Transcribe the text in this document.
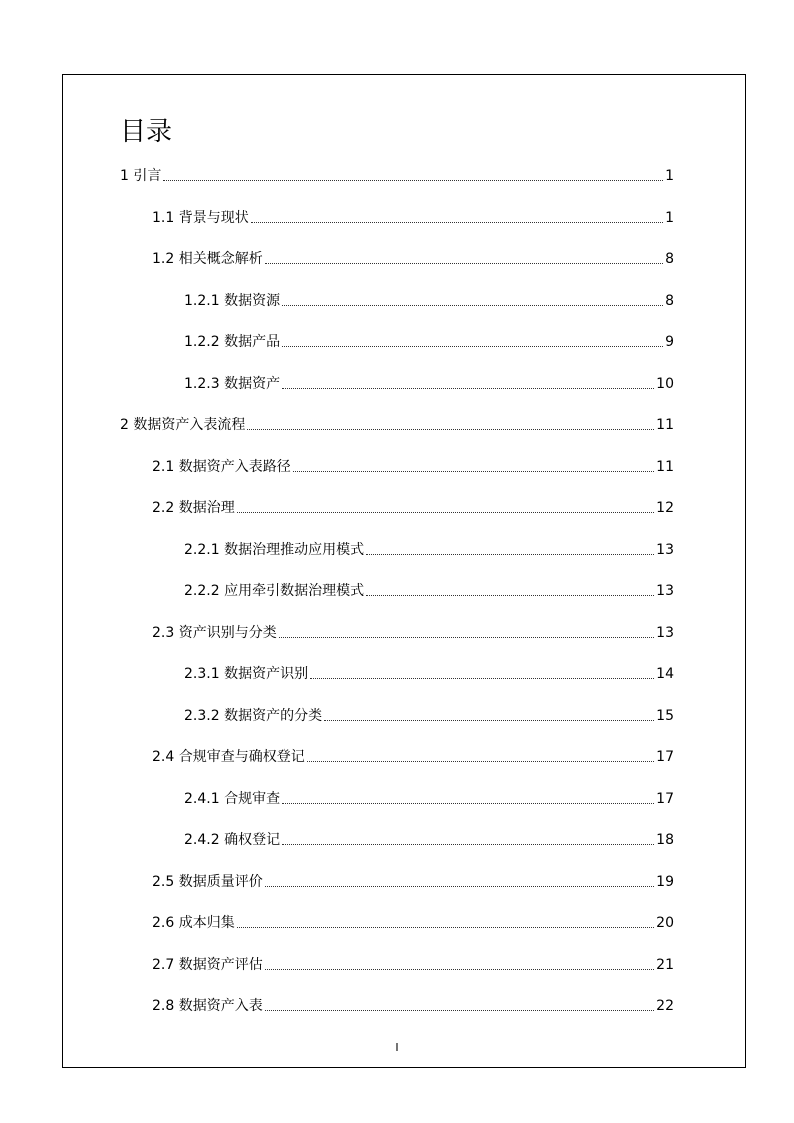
目录
1 引言	1
1.1 背景与现状	1
1.2 相关概念解析	8
1.2.1 数据资源	8
1.2.2 数据产品	9
1.2.3 数据资产	10
2 数据资产入表流程	11
2.1 数据资产入表路径	11
2.2 数据治理	12
2.2.1 数据治理推动应用模式	13
2.2.2 应用牵引数据治理模式	13
2.3 资产识别与分类	13
2.3.1 数据资产识别	14
2.3.2 数据资产的分类	15
2.4 合规审查与确权登记	17
2.4.1 合规审查	17
2.4.2 确权登记	18
2.5 数据质量评价	19
2.6 成本归集	20
2.7 数据资产评估	21
2.8 数据资产入表	22
I
